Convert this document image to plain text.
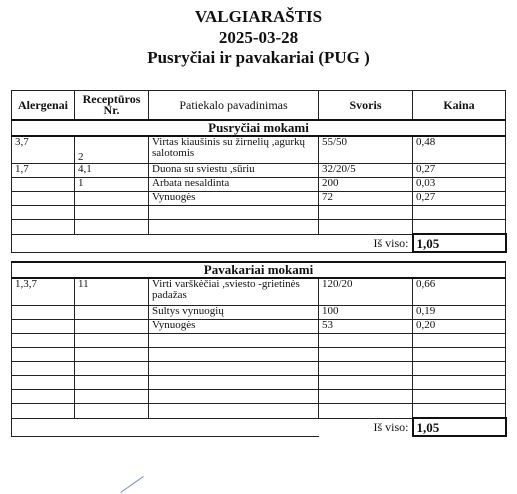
VALGIARAŠTIS
2025-03-28
Pusryčiai ir pavakariai (PUG )
Alergenai	Receptūros Nr.	Patiekalo pavadinimas	Svoris	Kaina
Pusryčiai mokami				
3,7	2	Virtas kiaušinis su žirnelių ,agurkų salotomis	55/50	0,48
1,7	4,1	Duona su sviestu ,sūriu	32/20/5	0,27
	1	Arbata nesaldinta	200	0,03
		Vynuogės	72	0,27

			Iš viso:	1,05

Pavakariai mokami				
1,3,7	11	Virti varškėčiai ,sviesto -grietinės padažas	120/20	0,66
		Sultys vynuogių	100	0,19
		Vynuogės	53	0,20

			Iš viso:	1,05
